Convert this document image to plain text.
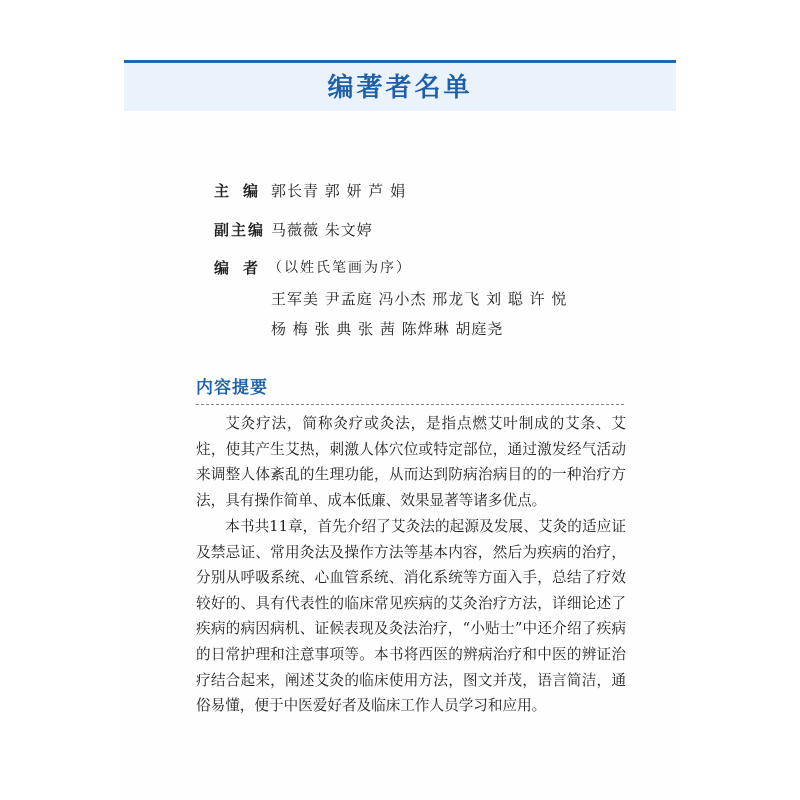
编著者名单
主编
郭长青 郭 妍 芦 娟
副主编 马薇薇 朱文婷
编者
（以姓氏笔画为序）
王军美 尹孟庭 冯小杰 邢龙飞 刘 聪 许 悦
杨 梅 张 典 张 茜 陈烨琳 胡庭尧
内容提要

艾灸疗法，简称灸疗或灸法，是指点燃艾叶制成的艾条、艾炷，使其产生艾热，刺激人体穴位或特定部位，通过激发经气活动来调整人体紊乱的生理功能，从而达到防病治病目的的一种治疗方法，具有操作简单、成本低廉、效果显著等诸多优点。

本书共11章，首先介绍了艾灸法的起源及发展、艾灸的适应证及禁忌证、常用灸法及操作方法等基本内容，然后为疾病的治疗，分别从呼吸系统、心血管系统、消化系统等方面入手，总结了疗效较好的、具有代表性的临床常见疾病的艾灸治疗方法，详细论述了疾病的病因病机、证候表现及灸法治疗，“小贴士”中还介绍了疾病的日常护理和注意事项等。本书将西医的辨病治疗和中医的辨证治疗结合起来，阐述艾灸的临床使用方法，图文并茂，语言简洁，通俗易懂，便于中医爱好者及临床工作人员学习和应用。
